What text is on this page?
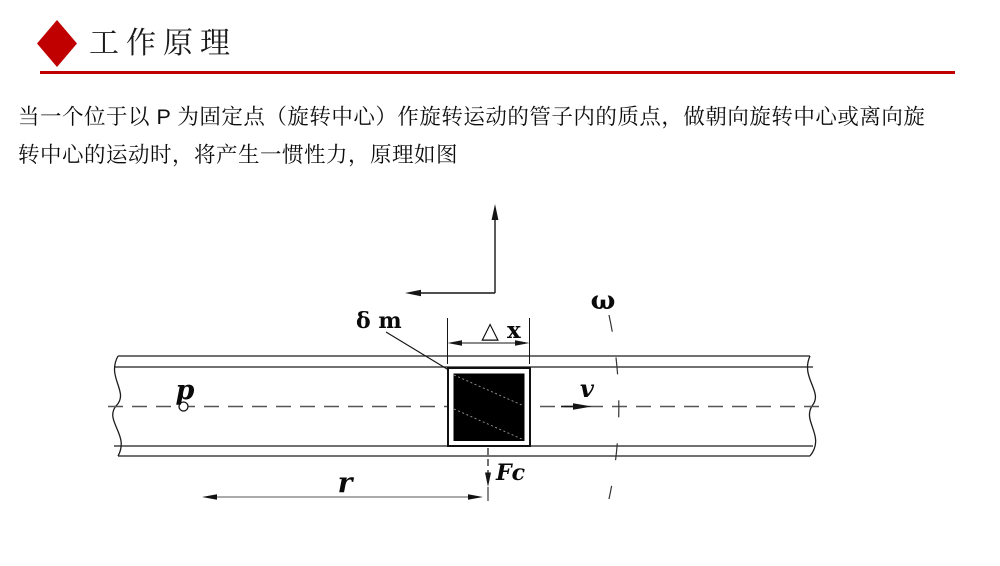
工作原理
当一个位于以 P 为固定点（旋转中心）作旋转运动的管子内的质点，做朝向旋转中心或离向旋
转中心的运动时，将产生一惯性力，原理如图
δ m	△ x
ω
p	v
Fc
r
